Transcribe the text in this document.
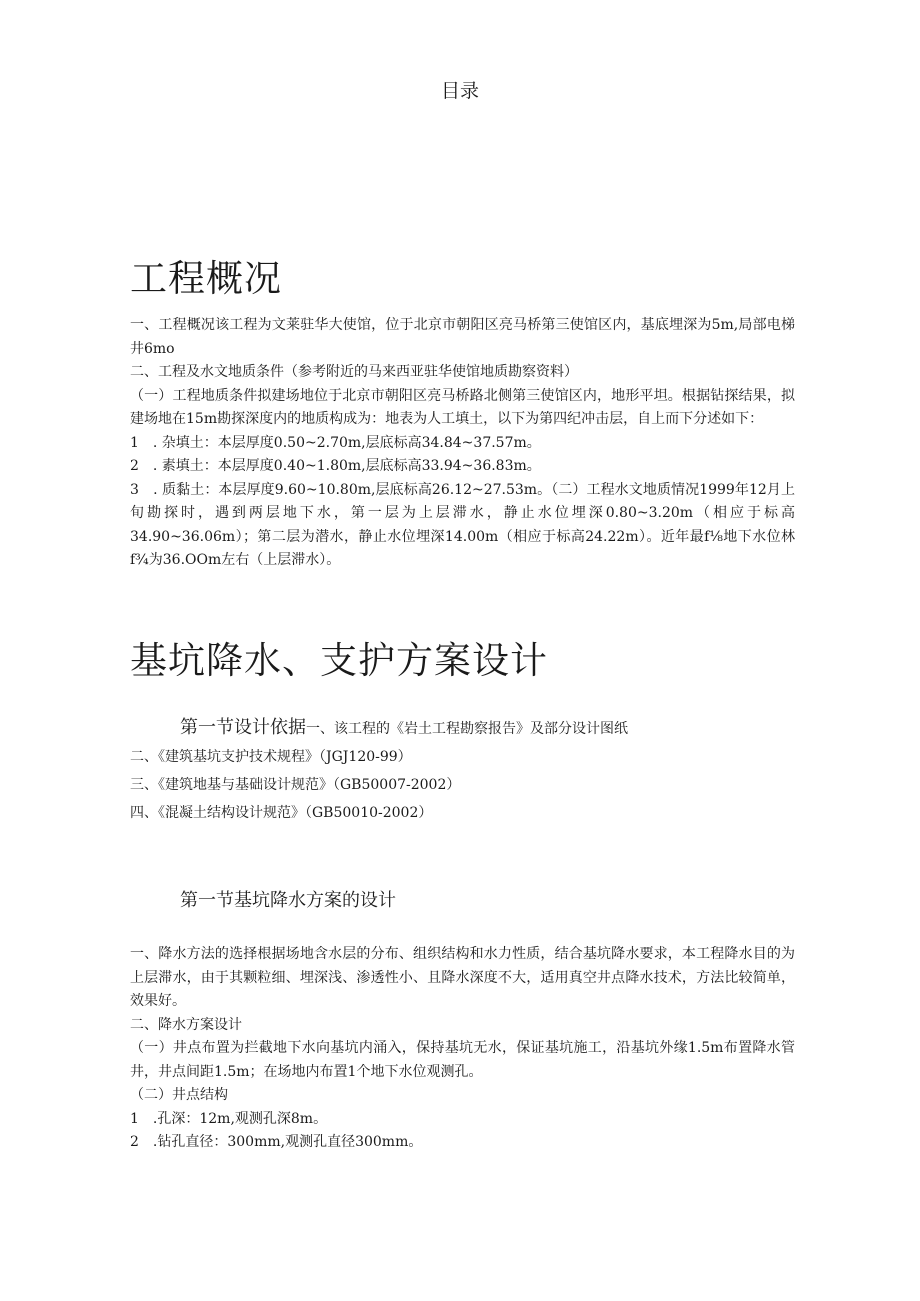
目录
工程概况

一、工程概况该工程为文莱驻华大使馆，位于北京市朝阳区亮马桥第三使馆区内，基底埋深为5m,局部电梯井6mo

二、工程及水文地质条件（参考附近的马来西亚驻华使馆地质勘察资料）

（一）工程地质条件拟建场地位于北京市朝阳区亮马桥路北侧第三使馆区内，地形平坦。根据钻探结果，拟建场地在15m勘探深度内的地质构成为：地表为人工填土，以下为第四纪冲击层，自上而下分述如下：

1　. 杂填土：本层厚度0.50~2.70m,层底标高34.84~37.57m。

2　. 素填土：本层厚度0.40~1.80m,层底标高33.94~36.83m。

3　. 质黏土：本层厚度9.60~10.80m,层底标高26.12~27.53m。（二）工程水文地质情况1999年12月上旬勘探时，遇到两层地下水，第一层为上层滞水，静止水位埋深0.80~3.20m（相应于标高34.90~36.06m）；第二层为潜水，静止水位埋深14.00m（相应于标高24.22m）。近年最f⅛地下水位林f¾为36.OOm左右（上层滞水）。

基坑降水、支护方案设计
第一节设计依据一、该工程的《岩土工程勘察报告》及部分设计图纸

二、《建筑基坑支护技术规程》（JGJ120-99）

三、《建筑地基与基础设计规范》（GB50007-2002）

四、《混凝土结构设计规范》（GB50010-2002）

第一节基坑降水方案的设计

一、降水方法的选择根据场地含水层的分布、组织结构和水力性质，结合基坑降水要求，本工程降水目的为上层滞水，由于其颗粒细、埋深浅、渗透性小、且降水深度不大，适用真空井点降水技术，方法比较简单，效果好。

二、降水方案设计

（一）井点布置为拦截地下水向基坑内涌入，保持基坑无水，保证基坑施工，沿基坑外缘1.5m布置降水管井，井点间距1.5m；在场地内布置1个地下水位观测孔。

（二）井点结构

1　.孔深：12m,观测孔深8m。

2　.钻孔直径：300mm,观测孔直径300mm。
